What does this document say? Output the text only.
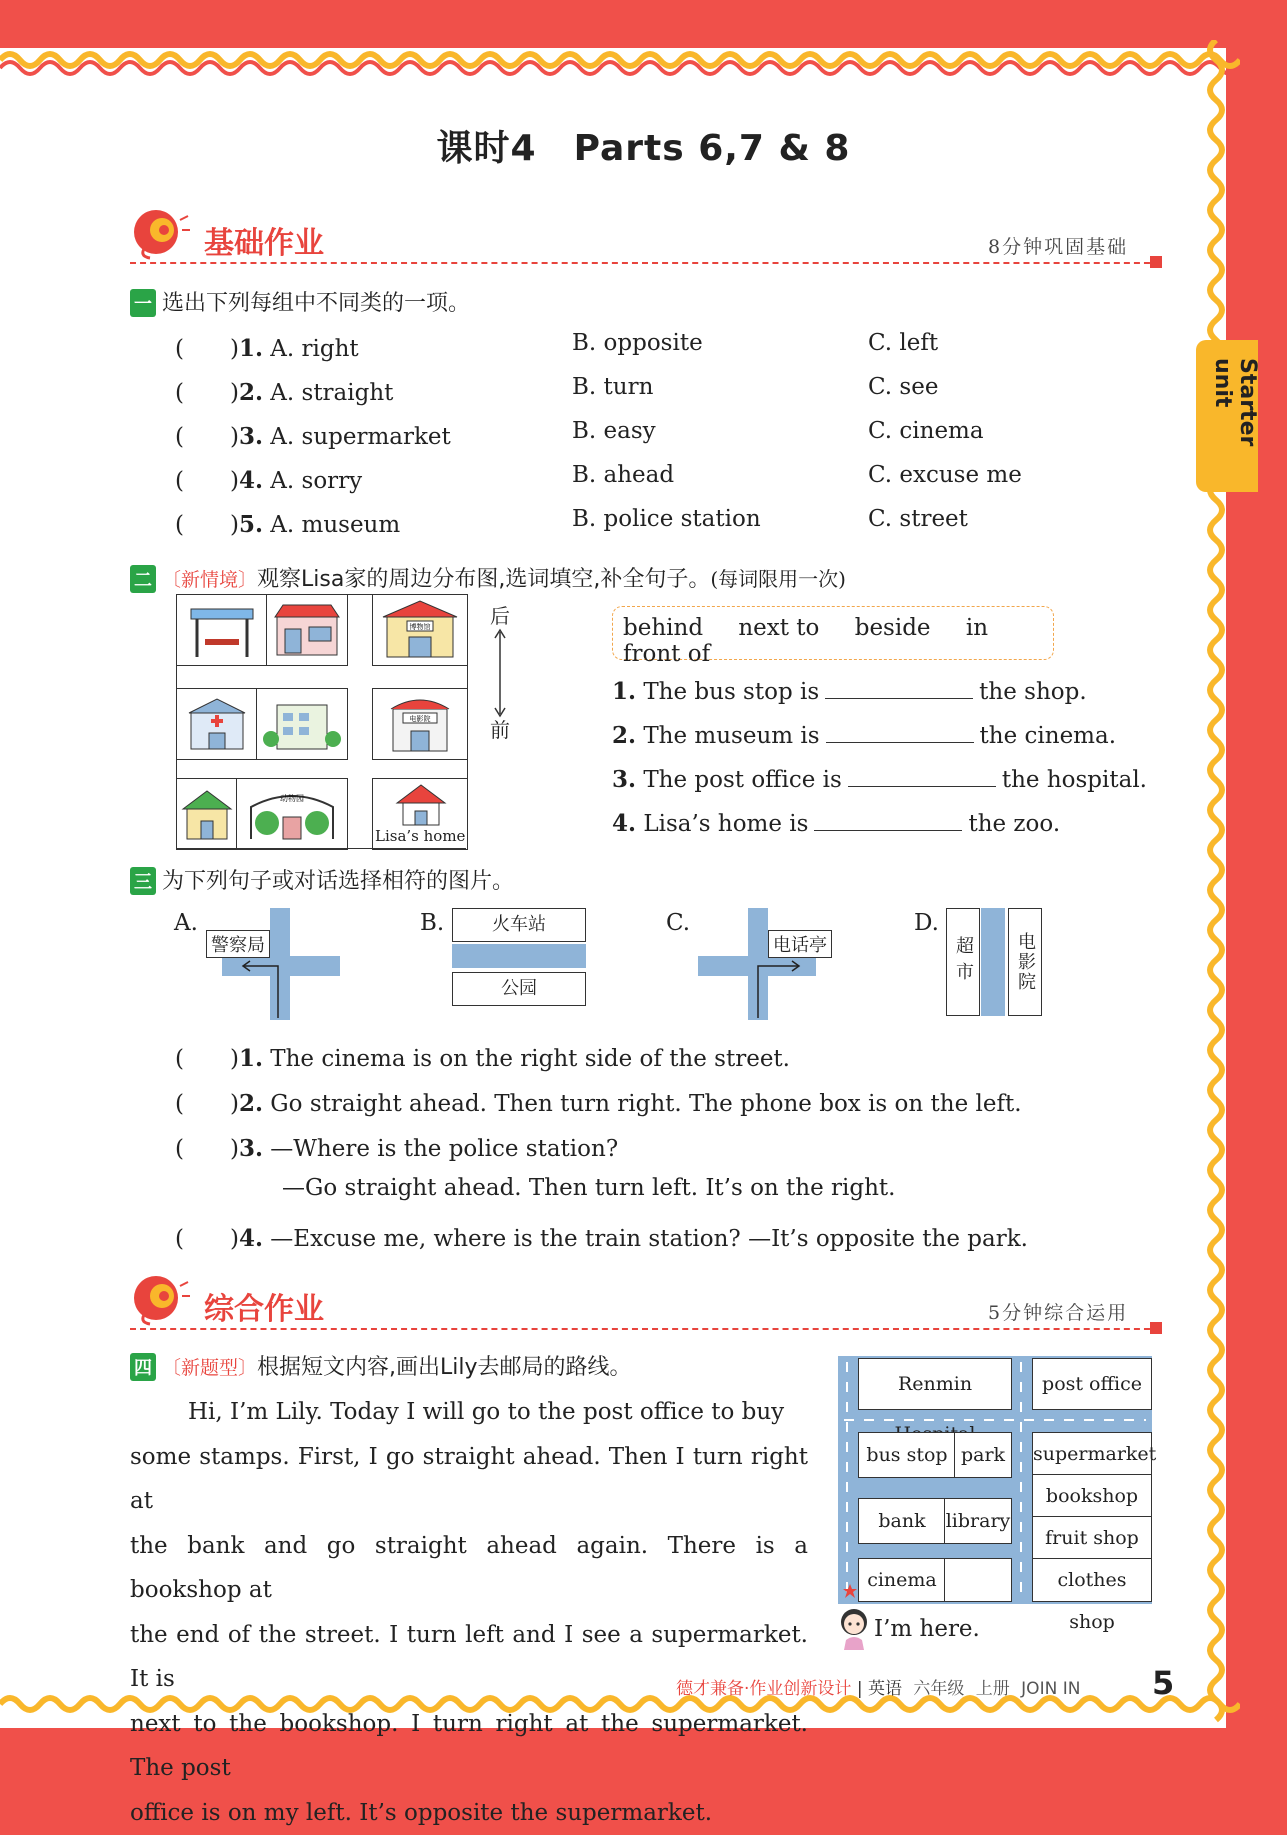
Starter unit
课时4　Parts 6,7 & 8
基础作业	8分钟巩固基础
一 选出下列每组中不同类的一项。
(　　)1. A. right	B. opposite	C. left
(　　)2. A. straight	B. turn	C. see
(　　)3. A. supermarket	B. easy	C. cinema
(　　)4. A. sorry	B. ahead	C. excuse me
(　　)5. A. museum	B. police station	C. street
二 〔新情境〕观察Lisa家的周边分布图,选词填空,补全句子。(每词限用一次)
博物馆
电影院
动物园
Lisa’s home
后
前
behind next to beside in front of
1. The bus stop is	the shop.
2. The museum is	the cinema.
3. The post office is	the hospital.
4. Lisa’s home is	the zoo.
三 为下列句子或对话选择相符的图片。
A.
警察局
B.	火车站
公园
C.
电话亭
D.
超市	电影院
(　　)1. The cinema is on the right side of the street.
(　　)2. Go straight ahead. Then turn right. The phone box is on the left.
(　　)3. —Where is the police station?
—Go straight ahead. Then turn left. It’s on the right.
(　　)4. —Excuse me, where is the train station? —It’s opposite the park.
综合作业	5分钟综合运用
四 〔新题型〕根据短文内容,画出Lily去邮局的路线。
Hi, I’m Lily. Today I will go to the post office to buy
some stamps. First, I go straight ahead. Then I turn right at
the bank and go straight ahead again. There is a bookshop at
the end of the street. I turn left and I see a supermarket. It is
next to the bookshop. I turn right at the supermarket. The post
office is on my left. It’s opposite the supermarket.
Renmin	post office
bus stop park	supermarket
bookshop
bank	library
fruit shop
cinema	clothes shop
I’m here.
德才兼备·作业创新设计 | 英语 六年级 上册 JOIN IN 5
